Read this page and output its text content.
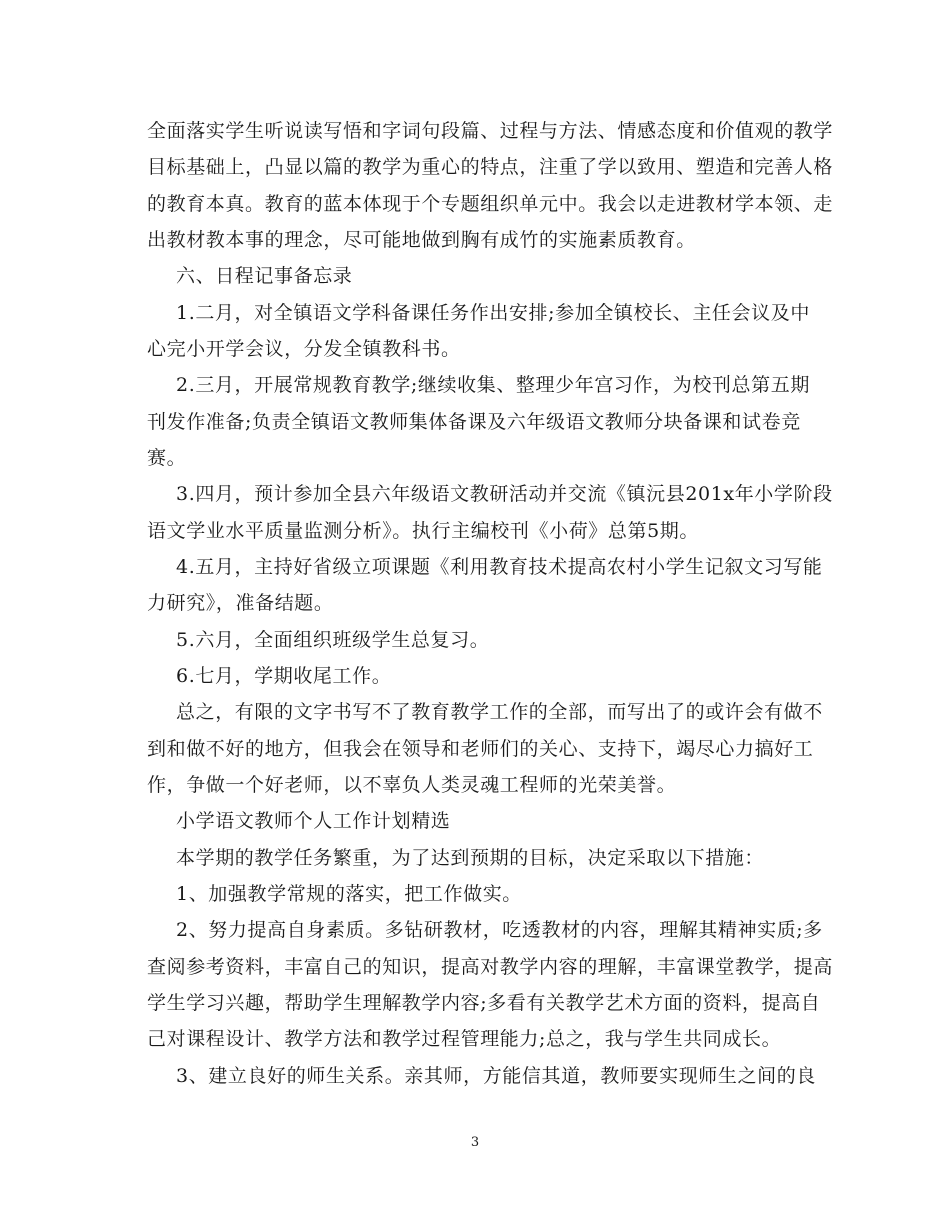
全面落实学生听说读写悟和字词句段篇、过程与方法、情感态度和价值观的教学
目标基础上，凸显以篇的教学为重心的特点，注重了学以致用、塑造和完善人格
的教育本真。教育的蓝本体现于个专题组织单元中。我会以走进教材学本领、走
出教材教本事的理念，尽可能地做到胸有成竹的实施素质教育。
六、日程记事备忘录
1.二月，对全镇语文学科备课任务作出安排;参加全镇校长、主任会议及中
心完小开学会议，分发全镇教科书。
2.三月，开展常规教育教学;继续收集、整理少年宫习作，为校刊总第五期
刊发作准备;负责全镇语文教师集体备课及六年级语文教师分块备课和试卷竞
赛。
3.四月，预计参加全县六年级语文教研活动并交流《镇沅县201x年小学阶段
语文学业水平质量监测分析》。执行主编校刊《小荷》总第5期。
4.五月，主持好省级立项课题《利用教育技术提高农村小学生记叙文习写能
力研究》，准备结题。
5.六月，全面组织班级学生总复习。
6.七月，学期收尾工作。
总之，有限的文字书写不了教育教学工作的全部，而写出了的或许会有做不
到和做不好的地方，但我会在领导和老师们的关心、支持下，竭尽心力搞好工
作，争做一个好老师，以不辜负人类灵魂工程师的光荣美誉。
小学语文教师个人工作计划精选
本学期的教学任务繁重，为了达到预期的目标，决定采取以下措施：
1、加强教学常规的落实，把工作做实。
2、努力提高自身素质。多钻研教材，吃透教材的内容，理解其精神实质;多
查阅参考资料，丰富自己的知识，提高对教学内容的理解，丰富课堂教学，提高
学生学习兴趣，帮助学生理解教学内容;多看有关教学艺术方面的资料，提高自
己对课程设计、教学方法和教学过程管理能力;总之，我与学生共同成长。
3、建立良好的师生关系。亲其师，方能信其道，教师要实现师生之间的良
3
